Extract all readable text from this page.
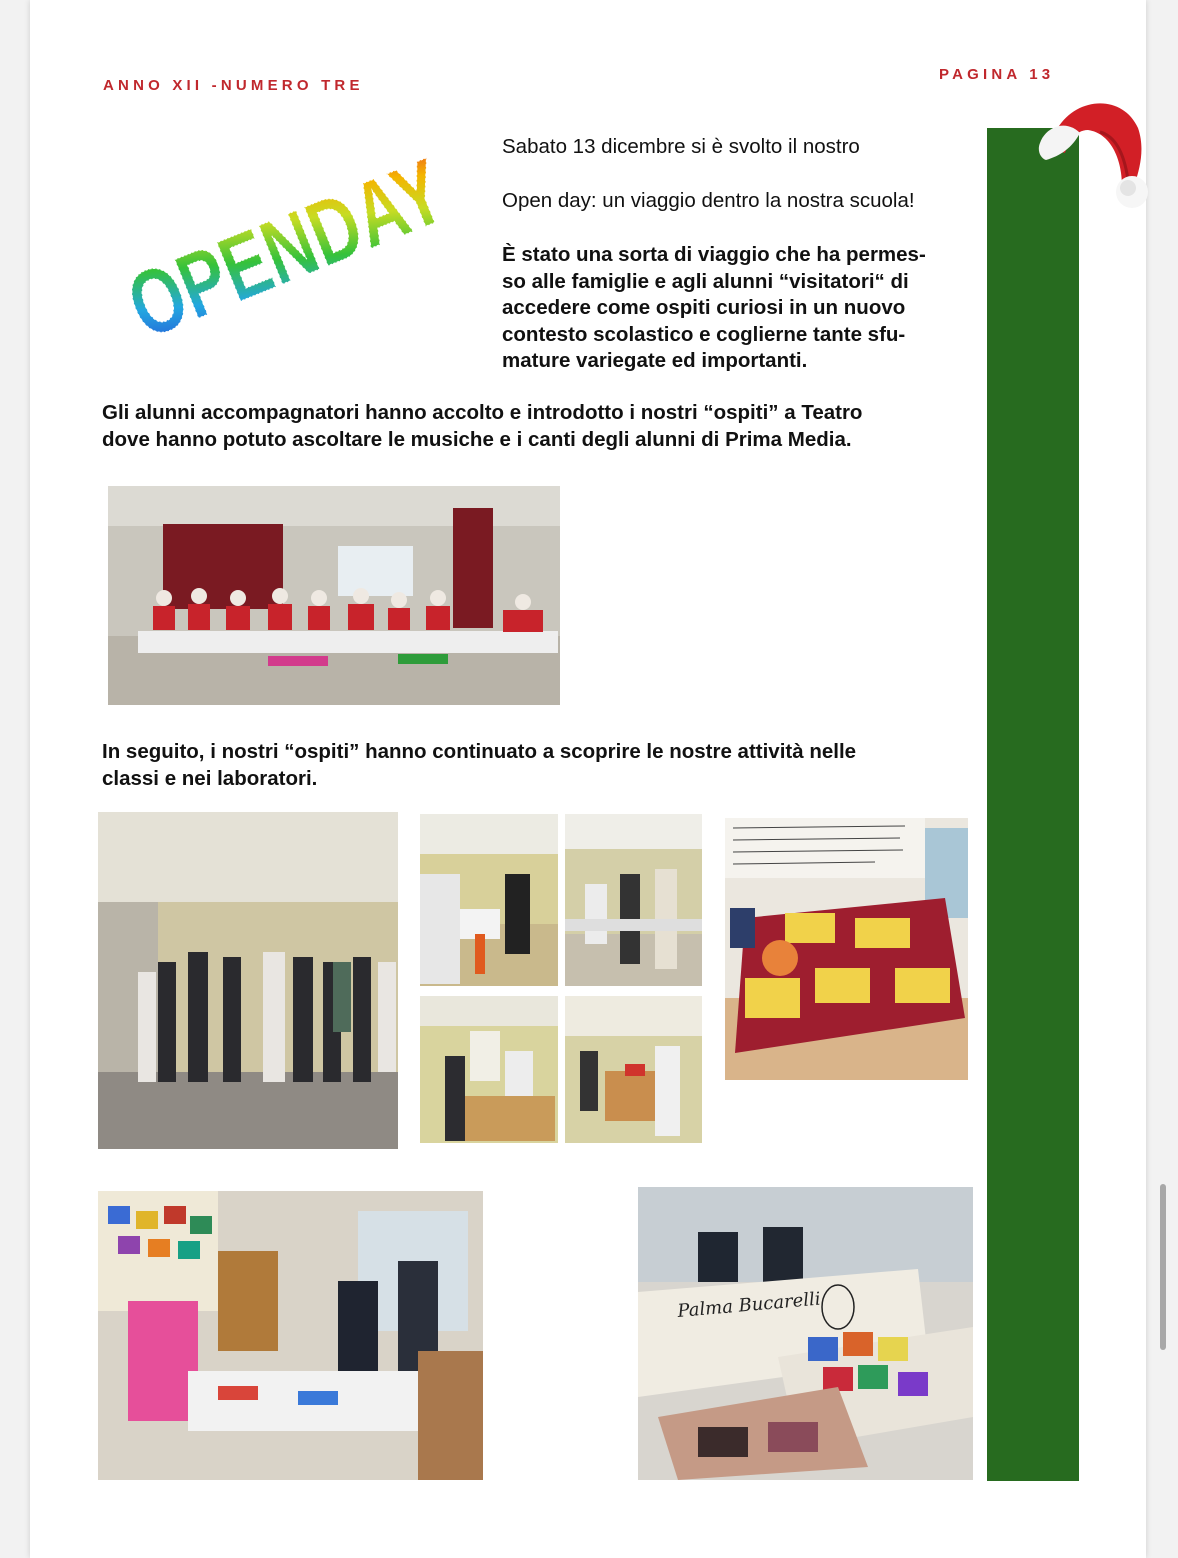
ANNO XII -NUMERO TRE
PAGINA 13
OPENDAY

Sabato 13 dicembre si è svolto il nostro

Open day: un viaggio dentro la nostra scuola!

È stato una sorta di viaggio che ha permes-
so alle famiglie e agli alunni “visitatori“ di
accedere come ospiti curiosi in un nuovo
contesto scolastico e coglierne tante sfu-
mature variegate ed importanti.

Gli alunni accompagnatori hanno accolto e introdotto i nostri “ospiti” a Teatro
dove hanno potuto ascoltare le musiche e i canti degli alunni di Prima Media.

In seguito, i nostri “ospiti” hanno continuato a scoprire le nostre attività nelle
classi e nei laboratori.

Palma Bucarelli
